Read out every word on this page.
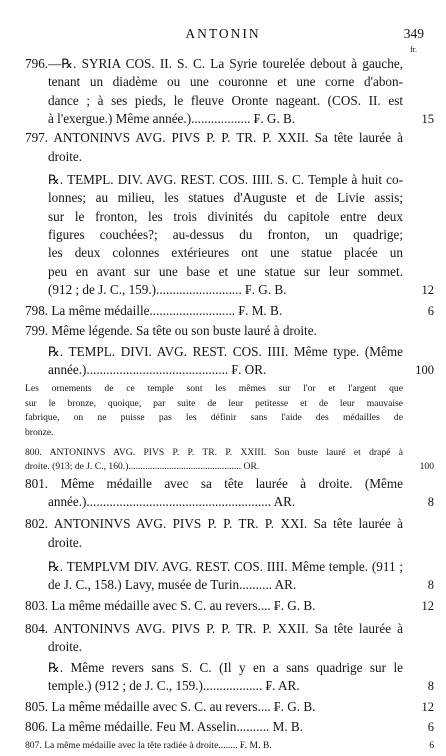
ANTONIN	349
fr.
796.—℞. SYRIA COS. II. S. C. La Syrie tourelée debout à gauche,
tenant un diadème ou une couronne et une corne d'abon-
dance ; à ses pieds, le fleuve Oronte nageant. (COS. II. est
à l'exergue.) Même année.).................. ₣. G. B.	15
797. ANTONINVS AVG. PIVS P. P. TR. P. XXII. Sa tête laurée à
droite.
℞. TEMPL. DIV. AVG. REST. COS. IIII. S. C. Temple à huit co-
lonnes; au milieu, les statues d'Auguste et de Livie assis;
sur le fronton, les trois divinités du capitole entre deux
figures couchées?; au-dessus du fronton, un quadrige;
les deux colonnes extérieures ont une statue placée un
peu en avant sur une base et une statue sur leur sommet.
(912 ; de J. C., 159.).......................... ₣. G. B.	12
798. La même médaille.......................... ₣. M. B.	6
799. Même légende. Sa tête ou son buste lauré à droite.
℞. TEMPL. DIVI. AVG. REST. COS. IIII. Même type. (Même
année.)........................................... ₣. OR.	100
Les ornements de ce temple sont les mêmes sur l'or et l'argent que
sur le bronze, quoique, par suite de leur petitesse et de leur mauvaise
fabrique, on ne puisse pas les définir sans l'aide des médailles de
bronze.
800. ANTONINVS AVG. PIVS P. P. TR. P. XXIII. Son buste lauré et drapé à
droite. (913; de J. C., 160.)............................................... OR.	100
801. Même médaille avec sa tête laurée à droite. (Même
année.)........................................................ AR.	8
802. ANTONINVS AVG. PIVS P. P. TR. P. XXI. Sa tête laurée à
droite.
℞. TEMPLVM DIV. AVG. REST. COS. IIII. Même temple. (911 ;
de J. C., 158.) Lavy, musée de Turin.......... AR.	8
803. La même médaille avec S. C. au revers.... ₣. G. B.	12
804. ANTONINVS AVG. PIVS P. P. TR. P. XXII. Sa tête laurée à
droite.
℞. Même revers sans S. C. (Il y en a sans quadrige sur le
temple.) (912 ; de J. C., 159.).................. ₣. AR.	8
805. La même médaille avec S. C. au revers.... ₣. G. B.	12
806. La même médaille. Feu M. Asselin.......... M. B.	6
807. La même médaille avec la tête radiée à droite........ ₣. M. B.	6
